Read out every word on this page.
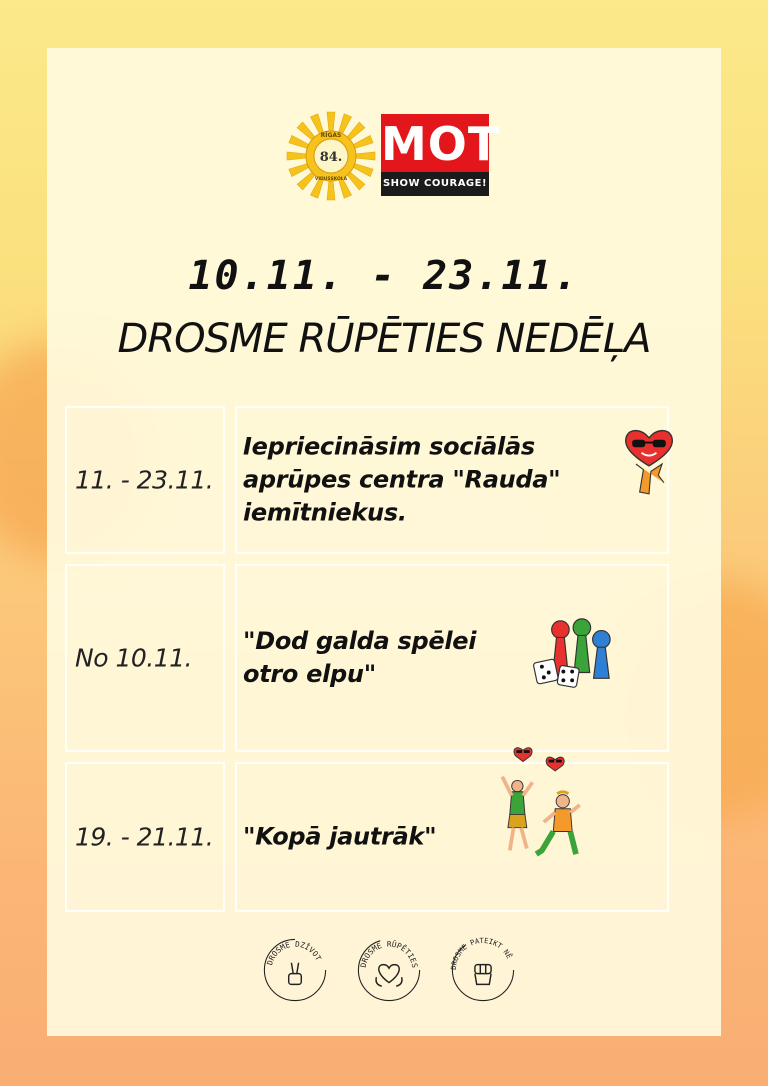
RĪGAS
84.
VIDUSSKOLA
MOT
SHOW COURAGE!
10.11. - 23.11.
DROSME RŪPĒTIES NEDĒĻA
11. - 23.11.
Iepriecināsim sociālās
aprūpes centra "Rauda"
iemītniekus.
No 10.11.
"Dod galda spēlei
otro elpu"
19. - 21.11.	"Kopā jautrāk"
DROSME DZĪVOT
DROSME RŪPĒTIES	DROSME PATEIKT NĒ
